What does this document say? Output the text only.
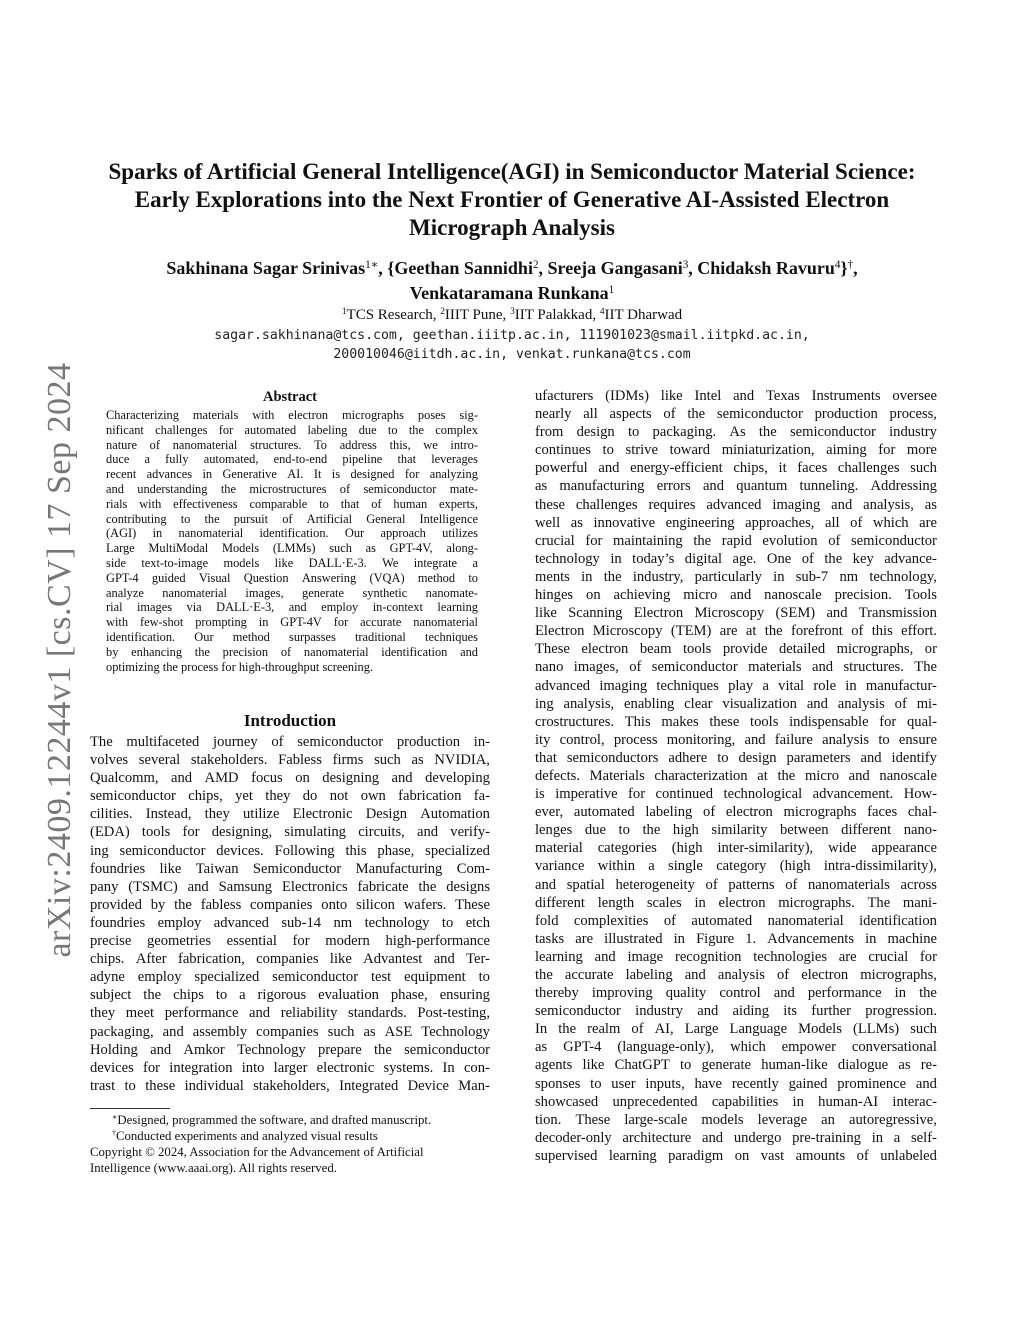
arXiv:2409.12244v1 [cs.CV] 17 Sep 2024
Sparks of Artificial General Intelligence(AGI) in Semiconductor Material Science:
Early Explorations into the Next Frontier of Generative AI-Assisted Electron
Micrograph Analysis
Sakhinana Sagar Srinivas$^{1∗}$, {Geethan Sannidhi$^2$, Sreeja Gangasani$^3$, Chidaksh Ravuru$^4$}†,
Venkataramana Runkana$^1$
$^1$TCS Research, $^2$IIIT Pune, $^3$IIT Palakkad, $^4$IIT Dharwad
sagar.sakhinana@tcs.com, geethan.iiitp.ac.in, 111901023@smail.iitpkd.ac.in,
200010046@iitdh.ac.in, venkat.runkana@tcs.com
Abstract
Characterizing materials with electron micrographs poses sig-
nificant challenges for automated labeling due to the complex
nature of nanomaterial structures. To address this, we intro-
duce a fully automated, end-to-end pipeline that leverages
recent advances in Generative AI. It is designed for analyzing
and understanding the microstructures of semiconductor mate-
rials with effectiveness comparable to that of human experts,
contributing to the pursuit of Artificial General Intelligence
(AGI) in nanomaterial identification. Our approach utilizes
Large MultiModal Models (LMMs) such as GPT-4V, along-
side text-to-image models like DALL·E-3. We integrate a
GPT-4 guided Visual Question Answering (VQA) method to
analyze nanomaterial images, generate synthetic nanomate-
rial images via DALL·E-3, and employ in-context learning
with few-shot prompting in GPT-4V for accurate nanomaterial
identification. Our method surpasses traditional techniques
by enhancing the precision of nanomaterial identification and
optimizing the process for high-throughput screening.
Introduction
The multifaceted journey of semiconductor production in-
volves several stakeholders. Fabless firms such as NVIDIA,
Qualcomm, and AMD focus on designing and developing
semiconductor chips, yet they do not own fabrication fa-
cilities. Instead, they utilize Electronic Design Automation
(EDA) tools for designing, simulating circuits, and verify-
ing semiconductor devices. Following this phase, specialized
foundries like Taiwan Semiconductor Manufacturing Com-
pany (TSMC) and Samsung Electronics fabricate the designs
provided by the fabless companies onto silicon wafers. These
foundries employ advanced sub-14 nm technology to etch
precise geometries essential for modern high-performance
chips. After fabrication, companies like Advantest and Ter-
adyne employ specialized semiconductor test equipment to
subject the chips to a rigorous evaluation phase, ensuring
they meet performance and reliability standards. Post-testing,
packaging, and assembly companies such as ASE Technology
Holding and Amkor Technology prepare the semiconductor
devices for integration into larger electronic systems. In con-
trast to these individual stakeholders, Integrated Device Man-
∗Designed, programmed the software, and drafted manuscript.
†Conducted experiments and analyzed visual results
Copyright © 2024, Association for the Advancement of Artificial
Intelligence (www.aaai.org). All rights reserved.
ufacturers (IDMs) like Intel and Texas Instruments oversee
nearly all aspects of the semiconductor production process,
from design to packaging. As the semiconductor industry
continues to strive toward miniaturization, aiming for more
powerful and energy-efficient chips, it faces challenges such
as manufacturing errors and quantum tunneling. Addressing
these challenges requires advanced imaging and analysis, as
well as innovative engineering approaches, all of which are
crucial for maintaining the rapid evolution of semiconductor
technology in today’s digital age. One of the key advance-
ments in the industry, particularly in sub-7 nm technology,
hinges on achieving micro and nanoscale precision. Tools
like Scanning Electron Microscopy (SEM) and Transmission
Electron Microscopy (TEM) are at the forefront of this effort.
These electron beam tools provide detailed micrographs, or
nano images, of semiconductor materials and structures. The
advanced imaging techniques play a vital role in manufactur-
ing analysis, enabling clear visualization and analysis of mi-
crostructures. This makes these tools indispensable for qual-
ity control, process monitoring, and failure analysis to ensure
that semiconductors adhere to design parameters and identify
defects. Materials characterization at the micro and nanoscale
is imperative for continued technological advancement. How-
ever, automated labeling of electron micrographs faces chal-
lenges due to the high similarity between different nano-
material categories (high inter-similarity), wide appearance
variance within a single category (high intra-dissimilarity),
and spatial heterogeneity of patterns of nanomaterials across
different length scales in electron micrographs. The mani-
fold complexities of automated nanomaterial identification
tasks are illustrated in Figure 1. Advancements in machine
learning and image recognition technologies are crucial for
the accurate labeling and analysis of electron micrographs,
thereby improving quality control and performance in the
semiconductor industry and aiding its further progression.
In the realm of AI, Large Language Models (LLMs) such
as GPT-4 (language-only), which empower conversational
agents like ChatGPT to generate human-like dialogue as re-
sponses to user inputs, have recently gained prominence and
showcased unprecedented capabilities in human-AI interac-
tion. These large-scale models leverage an autoregressive,
decoder-only architecture and undergo pre-training in a self-
supervised learning paradigm on vast amounts of unlabeled
